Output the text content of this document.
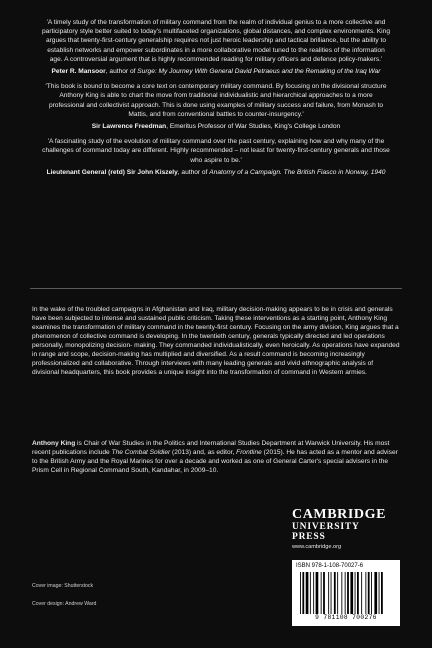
'A timely study of the transformation of military command from the realm of individual genius to a more collective and participatory style better suited to today's multifaceted organizations, global distances, and complex environments. King argues that twenty-first-century generalship requires not just heroic leadership and tactical brilliance, but the ability to establish networks and empower subordinates in a more collaborative model tuned to the realities of the information age. A controversial argument that is highly recommended reading for military officers and defence policy-makers.'

Peter R. Mansoor, author of Surge: My Journey With General David Petraeus and the Remaking of the Iraq War

'This book is bound to become a core text on contemporary military command. By focusing on the divisional structure Anthony King is able to chart the move from traditional individualistic and hierarchical approaches to a more professional and collectivist approach. This is done using examples of military success and failure, from Monash to Mattis, and from conventional battles to counter-insurgency.'

Sir Lawrence Freedman, Emeritus Professor of War Studies, King's College London

'A fascinating study of the evolution of military command over the past century, explaining how and why many of the challenges of command today are different. Highly recommended – not least for twenty-first-century generals and those who aspire to be.'

Lieutenant General (retd) Sir John Kiszely, author of Anatomy of a Campaign. The British Fiasco in Norway, 1940

In the wake of the troubled campaigns in Afghanistan and Iraq, military decision-making appears to be in crisis and generals have been subjected to intense and sustained public criticism. Taking these interventions as a starting point, Anthony King examines the transformation of military command in the twenty-first century. Focusing on the army division, King argues that a phenomenon of collective command is developing. In the twentieth century, generals typically directed and led operations personally, monopolizing decision- making. They commanded individualistically, even heroically. As operations have expanded in range and scope, decision-making has multiplied and diversified. As a result command is becoming increasingly professionalized and collaborative. Through interviews with many leading generals and vivid ethnographic analysis of divisional headquarters, this book provides a unique insight into the transformation of command in Western armies.

Anthony King is Chair of War Studies in the Politics and International Studies Department at Warwick University. His most recent publications include The Combat Soldier (2013) and, as editor, Frontline (2015). He has acted as a mentor and adviser to the British Army and the Royal Marines for over a decade and worked as one of General Carter's special advisers in the Prism Cell in Regional Command South, Kandahar, in 2009–10.

Cover image: Shutterstock
Cover design: Andrew Ward
CAMBRIDGE
UNIVERSITY PRESS
www.cambridge.org
ISBN 978-1-108-70027-6
9 781108 700276
